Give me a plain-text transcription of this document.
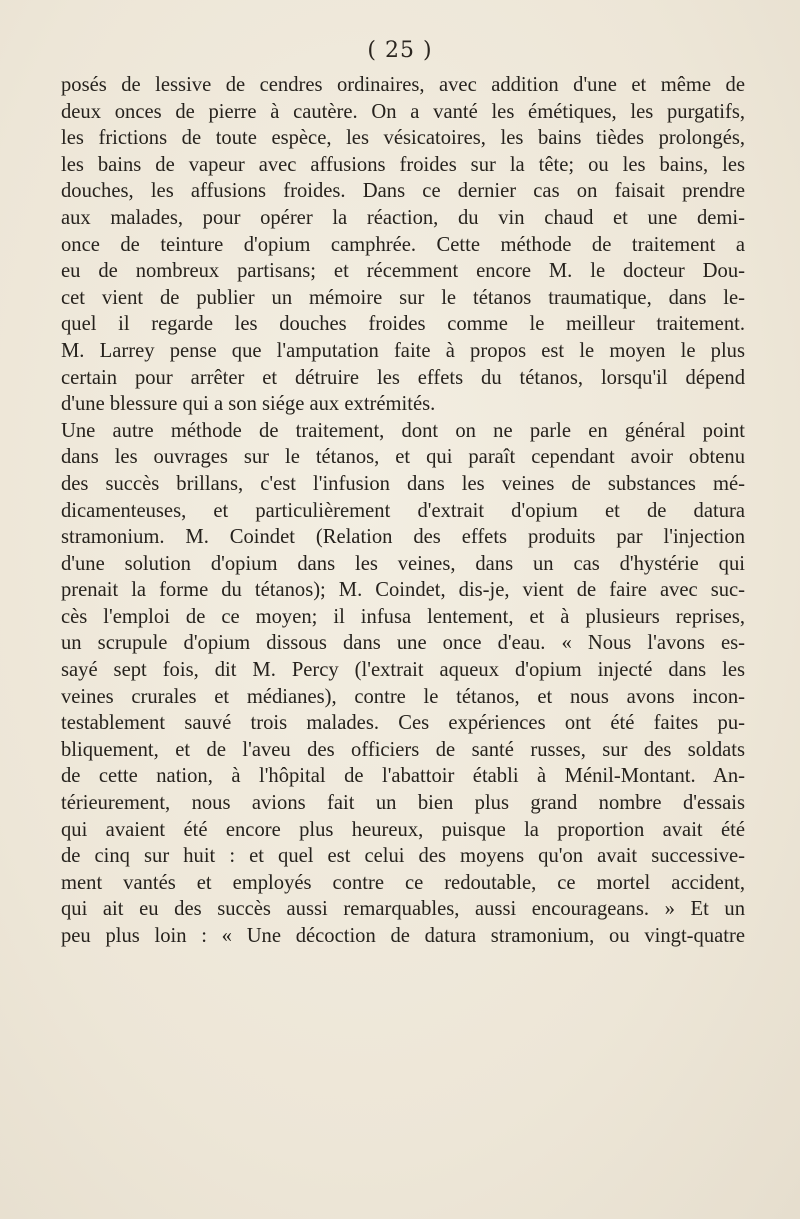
( 25 )
posés de lessive de cendres ordinaires, avec addition d'une et même de
deux onces de pierre à cautère. On a vanté les émétiques, les purgatifs,
les frictions de toute espèce, les vésicatoires, les bains tièdes prolongés,
les bains de vapeur avec affusions froides sur la tête; ou les bains, les
douches, les affusions froides. Dans ce dernier cas on faisait prendre
aux malades, pour opérer la réaction, du vin chaud et une demi-
once de teinture d'opium camphrée. Cette méthode de traitement a
eu de nombreux partisans; et récemment encore M. le docteur Dou-
cet vient de publier un mémoire sur le tétanos traumatique, dans le-
quel il regarde les douches froides comme le meilleur traitement.
M. Larrey pense que l'amputation faite à propos est le moyen le plus
certain pour arrêter et détruire les effets du tétanos, lorsqu'il dépend
d'une blessure qui a son siége aux extrémités.
Une autre méthode de traitement, dont on ne parle en général point
dans les ouvrages sur le tétanos, et qui paraît cependant avoir obtenu
des succès brillans, c'est l'infusion dans les veines de substances mé-
dicamenteuses, et particulièrement d'extrait d'opium et de datura
stramonium. M. Coindet (Relation des effets produits par l'injection
d'une solution d'opium dans les veines, dans un cas d'hystérie qui
prenait la forme du tétanos); M. Coindet, dis-je, vient de faire avec suc-
cès l'emploi de ce moyen; il infusa lentement, et à plusieurs reprises,
un scrupule d'opium dissous dans une once d'eau. « Nous l'avons es-
sayé sept fois, dit M. Percy (l'extrait aqueux d'opium injecté dans les
veines crurales et médianes), contre le tétanos, et nous avons incon-
testablement sauvé trois malades. Ces expériences ont été faites pu-
bliquement, et de l'aveu des officiers de santé russes, sur des soldats
de cette nation, à l'hôpital de l'abattoir établi à Ménil-Montant. An-
térieurement, nous avions fait un bien plus grand nombre d'essais
qui avaient été encore plus heureux, puisque la proportion avait été
de cinq sur huit : et quel est celui des moyens qu'on avait successive-
ment vantés et employés contre ce redoutable, ce mortel accident,
qui ait eu des succès aussi remarquables, aussi encourageans. » Et un
peu plus loin : « Une décoction de datura stramonium, ou vingt-quatre
